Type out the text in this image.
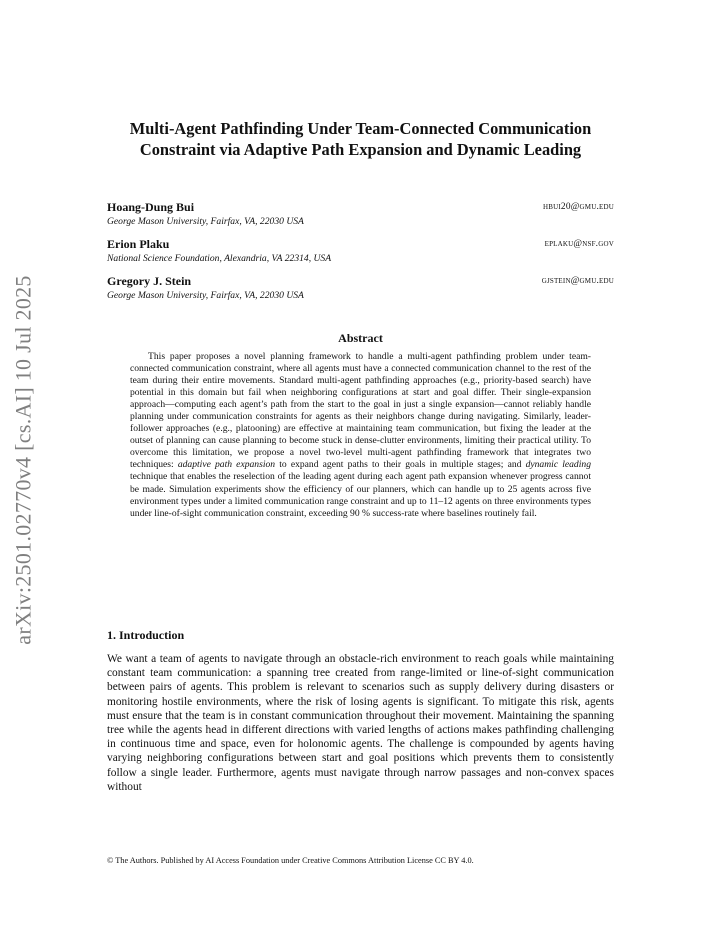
arXiv:2501.02770v4 [cs.AI] 10 Jul 2025
Multi-Agent Pathfinding Under Team-Connected Communication Constraint via Adaptive Path Expansion and Dynamic Leading
Hoang-Dung Bui
George Mason University, Fairfax, VA, 22030 USA
hbui20@gmu.edu
Erion Plaku
National Science Foundation, Alexandria, VA 22314, USA
eplaku@nsf.gov
Gregory J. Stein
George Mason University, Fairfax, VA, 22030 USA
gjstein@gmu.edu
Abstract

This paper proposes a novel planning framework to handle a multi-agent pathfinding problem under team-connected communication constraint, where all agents must have a connected communication channel to the rest of the team during their entire movements. Standard multi-agent pathfinding approaches (e.g., priority-based search) have potential in this domain but fail when neighboring configurations at start and goal differ. Their single-expansion approach—computing each agent’s path from the start to the goal in just a single expansion—cannot reliably handle planning under communication constraints for agents as their neighbors change during navigating. Similarly, leader-follower approaches (e.g., platooning) are effective at maintaining team communication, but fixing the leader at the outset of planning can cause planning to become stuck in dense-clutter environments, limiting their practical utility. To overcome this limitation, we propose a novel two-level multi-agent pathfinding framework that integrates two techniques: adaptive path expansion to expand agent paths to their goals in multiple stages; and dynamic leading technique that enables the reselection of the leading agent during each agent path expansion whenever progress cannot be made. Simulation experiments show the efficiency of our planners, which can handle up to 25 agents across five environment types under a limited communication range constraint and up to 11–12 agents on three environments types under line-of-sight communication constraint, exceeding 90 % success-rate where baselines routinely fail.

1. Introduction

We want a team of agents to navigate through an obstacle-rich environment to reach goals while maintaining constant team communication: a spanning tree created from range-limited or line-of-sight communication between pairs of agents. This problem is relevant to scenarios such as supply delivery during disasters or monitoring hostile environments, where the risk of losing agents is significant. To mitigate this risk, agents must ensure that the team is in constant communication throughout their movement. Maintaining the spanning tree while the agents head in different directions with varied lengths of actions makes pathfinding challenging in continuous time and space, even for holonomic agents. The challenge is compounded by agents having varying neighboring configurations between start and goal positions which prevents them to consistently follow a single leader. Furthermore, agents must navigate through narrow passages and non-convex spaces without

© The Authors. Published by AI Access Foundation under Creative Commons Attribution License CC BY 4.0.
